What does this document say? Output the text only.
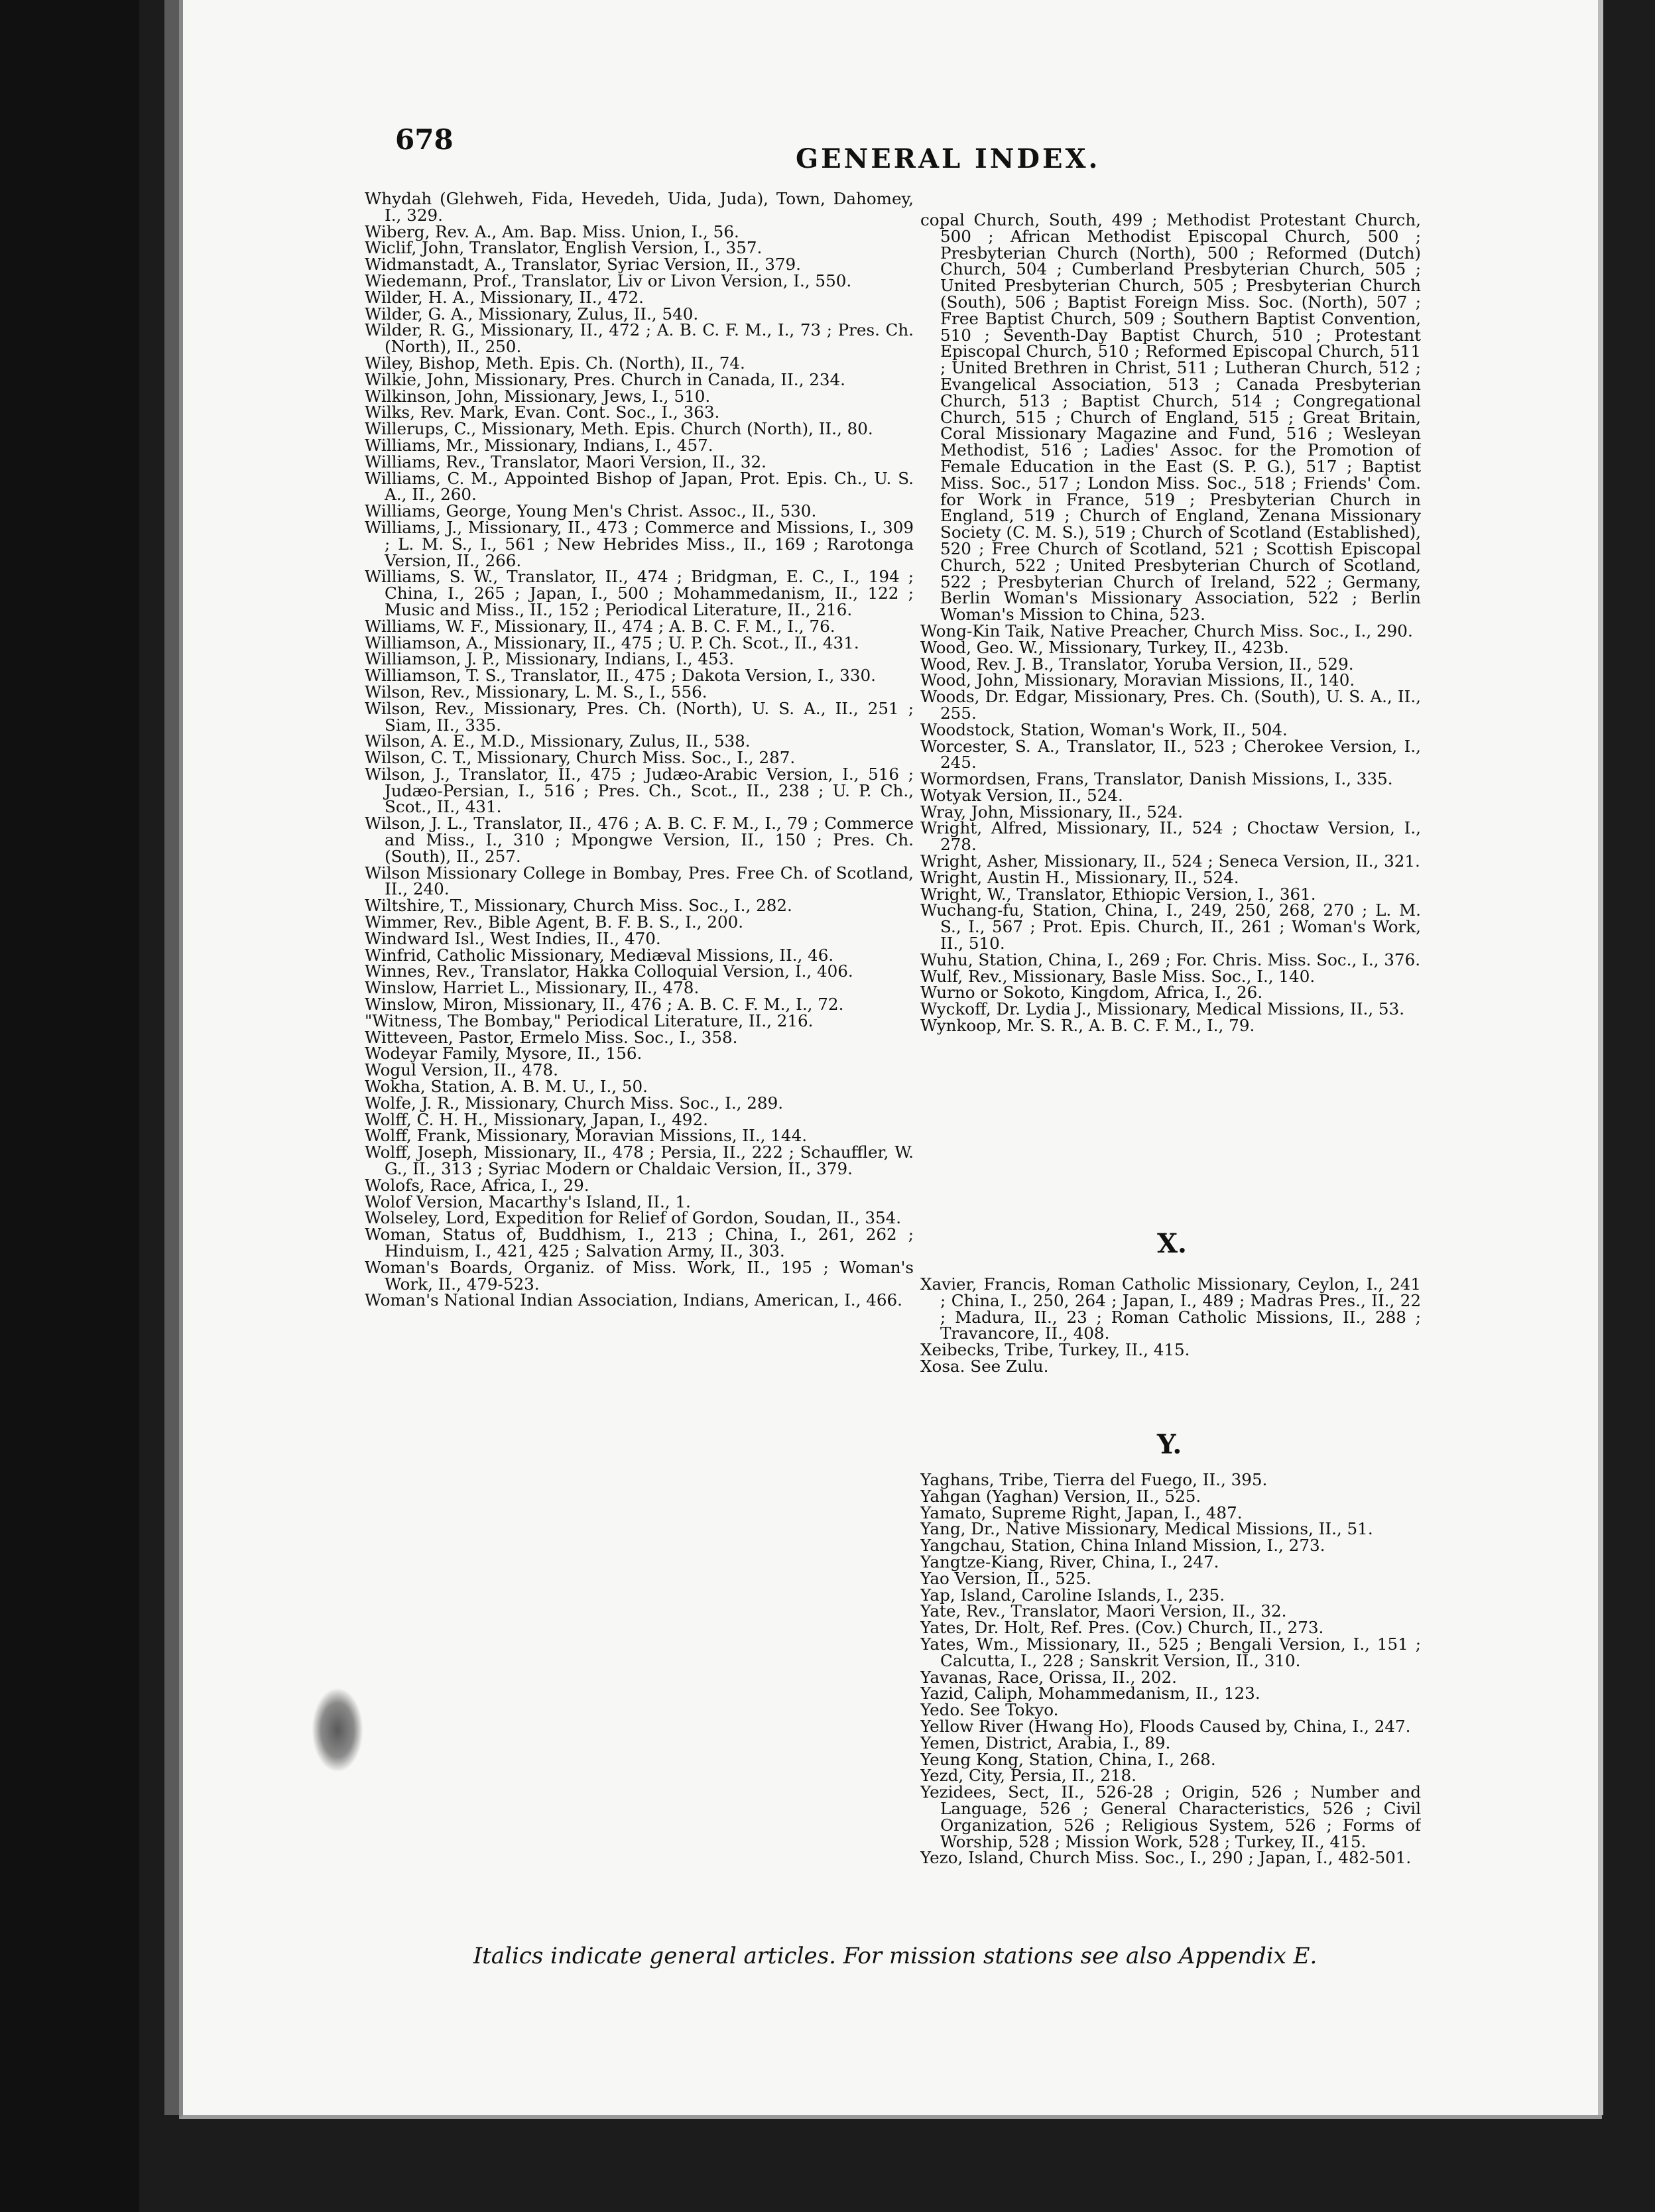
678
GENERAL INDEX.

Whydah (Glehweh, Fida, Hevedeh, Uida, Juda), Town, Dahomey, I., 329.

Wiberg, Rev. A., Am. Bap. Miss. Union, I., 56.

Wiclif, John, Translator, English Version, I., 357.

Widmanstadt, A., Translator, Syriac Version, II., 379.

Wiedemann, Prof., Translator, Liv or Livon Version, I., 550.

Wilder, H. A., Missionary, II., 472.

Wilder, G. A., Missionary, Zulus, II., 540.

Wilder, R. G., Missionary, II., 472 ; A. B. C. F. M., I., 73 ; Pres. Ch. (North), II., 250.

Wiley, Bishop, Meth. Epis. Ch. (North), II., 74.

Wilkie, John, Missionary, Pres. Church in Canada, II., 234.

Wilkinson, John, Missionary, Jews, I., 510.

Wilks, Rev. Mark, Evan. Cont. Soc., I., 363.

Willerups, C., Missionary, Meth. Epis. Church (North), II., 80.

Williams, Mr., Missionary, Indians, I., 457.

Williams, Rev., Translator, Maori Version, II., 32.

Williams, C. M., Appointed Bishop of Japan, Prot. Epis. Ch., U. S. A., II., 260.

Williams, George, Young Men's Christ. Assoc., II., 530.

Williams, J., Missionary, II., 473 ; Commerce and Missions, I., 309 ; L. M. S., I., 561 ; New Hebrides Miss., II., 169 ; Rarotonga Version, II., 266.

Williams, S. W., Translator, II., 474 ; Bridgman, E. C., I., 194 ; China, I., 265 ; Japan, I., 500 ; Mohammedanism, II., 122 ; Music and Miss., II., 152 ; Periodical Literature, II., 216.

Williams, W. F., Missionary, II., 474 ; A. B. C. F. M., I., 76.

Williamson, A., Missionary, II., 475 ; U. P. Ch. Scot., II., 431.

Williamson, J. P., Missionary, Indians, I., 453.

Williamson, T. S., Translator, II., 475 ; Dakota Version, I., 330.

Wilson, Rev., Missionary, L. M. S., I., 556.

Wilson, Rev., Missionary, Pres. Ch. (North), U. S. A., II., 251 ; Siam, II., 335.

Wilson, A. E., M.D., Missionary, Zulus, II., 538.

Wilson, C. T., Missionary, Church Miss. Soc., I., 287.

Wilson, J., Translator, II., 475 ; Judæo-Arabic Version, I., 516 ; Judæo-Persian, I., 516 ; Pres. Ch., Scot., II., 238 ; U. P. Ch., Scot., II., 431.

Wilson, J. L., Translator, II., 476 ; A. B. C. F. M., I., 79 ; Commerce and Miss., I., 310 ; Mpongwe Version, II., 150 ; Pres. Ch. (South), II., 257.

Wilson Missionary College in Bombay, Pres. Free Ch. of Scotland, II., 240.

Wiltshire, T., Missionary, Church Miss. Soc., I., 282.

Wimmer, Rev., Bible Agent, B. F. B. S., I., 200.

Windward Isl., West Indies, II., 470.

Winfrid, Catholic Missionary, Mediæval Missions, II., 46.

Winnes, Rev., Translator, Hakka Colloquial Version, I., 406.

Winslow, Harriet L., Missionary, II., 478.

Winslow, Miron, Missionary, II., 476 ; A. B. C. F. M., I., 72.

"Witness, The Bombay," Periodical Literature, II., 216.

Witteveen, Pastor, Ermelo Miss. Soc., I., 358.

Wodeyar Family, Mysore, II., 156.

Wogul Version, II., 478.

Wokha, Station, A. B. M. U., I., 50.

Wolfe, J. R., Missionary, Church Miss. Soc., I., 289.

Wolff, C. H. H., Missionary, Japan, I., 492.

Wolff, Frank, Missionary, Moravian Missions, II., 144.

Wolff, Joseph, Missionary, II., 478 ; Persia, II., 222 ; Schauffler, W. G., II., 313 ; Syriac Modern or Chaldaic Version, II., 379.

Wolofs, Race, Africa, I., 29.

Wolof Version, Macarthy's Island, II., 1.

Wolseley, Lord, Expedition for Relief of Gordon, Soudan, II., 354.

Woman, Status of, Buddhism, I., 213 ; China, I., 261, 262 ; Hinduism, I., 421, 425 ; Salvation Army, II., 303.

Woman's Boards, Organiz. of Miss. Work, II., 195 ; Woman's Work, II., 479-523.

Woman's National Indian Association, Indians, American, I., 466.

copal Church, South, 499 ; Methodist Protestant Church, 500 ; African Methodist Episcopal Church, 500 ; Presbyterian Church (North), 500 ; Reformed (Dutch) Church, 504 ; Cumberland Presbyterian Church, 505 ; United Presbyterian Church, 505 ; Presbyterian Church (South), 506 ; Baptist Foreign Miss. Soc. (North), 507 ; Free Baptist Church, 509 ; Southern Baptist Convention, 510 ; Seventh-Day Baptist Church, 510 ; Protestant Episcopal Church, 510 ; Reformed Episcopal Church, 511 ; United Brethren in Christ, 511 ; Lutheran Church, 512 ; Evangelical Association, 513 ; Canada Presbyterian Church, 513 ; Baptist Church, 514 ; Congregational Church, 515 ; Church of England, 515 ; Great Britain, Coral Missionary Magazine and Fund, 516 ; Wesleyan Methodist, 516 ; Ladies' Assoc. for the Promotion of Female Education in the East (S. P. G.), 517 ; Baptist Miss. Soc., 517 ; London Miss. Soc., 518 ; Friends' Com. for Work in France, 519 ; Presbyterian Church in England, 519 ; Church of England, Zenana Missionary Society (C. M. S.), 519 ; Church of Scotland (Established), 520 ; Free Church of Scotland, 521 ; Scottish Episcopal Church, 522 ; United Presbyterian Church of Scotland, 522 ; Presbyterian Church of Ireland, 522 ; Germany, Berlin Woman's Missionary Association, 522 ; Berlin Woman's Mission to China, 523.

Wong-Kin Taik, Native Preacher, Church Miss. Soc., I., 290.

Wood, Geo. W., Missionary, Turkey, II., 423b.

Wood, Rev. J. B., Translator, Yoruba Version, II., 529.

Wood, John, Missionary, Moravian Missions, II., 140.

Woods, Dr. Edgar, Missionary, Pres. Ch. (South), U. S. A., II., 255.

Woodstock, Station, Woman's Work, II., 504.

Worcester, S. A., Translator, II., 523 ; Cherokee Version, I., 245.

Wormordsen, Frans, Translator, Danish Missions, I., 335.

Wotyak Version, II., 524.

Wray, John, Missionary, II., 524.

Wright, Alfred, Missionary, II., 524 ; Choctaw Version, I., 278.

Wright, Asher, Missionary, II., 524 ; Seneca Version, II., 321.

Wright, Austin H., Missionary, II., 524.

Wright, W., Translator, Ethiopic Version, I., 361.

Wuchang-fu, Station, China, I., 249, 250, 268, 270 ; L. M. S., I., 567 ; Prot. Epis. Church, II., 261 ; Woman's Work, II., 510.

Wuhu, Station, China, I., 269 ; For. Chris. Miss. Soc., I., 376.

Wulf, Rev., Missionary, Basle Miss. Soc., I., 140.

Wurno or Sokoto, Kingdom, Africa, I., 26.

Wyckoff, Dr. Lydia J., Missionary, Medical Missions, II., 53.

Wynkoop, Mr. S. R., A. B. C. F. M., I., 79.

X.

Xavier, Francis, Roman Catholic Missionary, Ceylon, I., 241 ; China, I., 250, 264 ; Japan, I., 489 ; Madras Pres., II., 22 ; Madura, II., 23 ; Roman Catholic Missions, II., 288 ; Travancore, II., 408.

Xeibecks, Tribe, Turkey, II., 415.

Xosa. See Zulu.

Y.

Yaghans, Tribe, Tierra del Fuego, II., 395.

Yahgan (Yaghan) Version, II., 525.

Yamato, Supreme Right, Japan, I., 487.

Yang, Dr., Native Missionary, Medical Missions, II., 51.

Yangchau, Station, China Inland Mission, I., 273.

Yangtze-Kiang, River, China, I., 247.

Yao Version, II., 525.

Yap, Island, Caroline Islands, I., 235.

Yate, Rev., Translator, Maori Version, II., 32.

Yates, Dr. Holt, Ref. Pres. (Cov.) Church, II., 273.

Yates, Wm., Missionary, II., 525 ; Bengali Version, I., 151 ; Calcutta, I., 228 ; Sanskrit Version, II., 310.

Yavanas, Race, Orissa, II., 202.

Yazid, Caliph, Mohammedanism, II., 123.

Yedo. See Tokyo.

Yellow River (Hwang Ho), Floods Caused by, China, I., 247.

Yemen, District, Arabia, I., 89.

Yeung Kong, Station, China, I., 268.

Yezd, City, Persia, II., 218.

Yezidees, Sect, II., 526-28 ; Origin, 526 ; Number and Language, 526 ; General Characteristics, 526 ; Civil Organization, 526 ; Religious System, 526 ; Forms of Worship, 528 ; Mission Work, 528 ; Turkey, II., 415.

Yezo, Island, Church Miss. Soc., I., 290 ; Japan, I., 482-501.

Italics indicate general articles. For mission stations see also Appendix E.
